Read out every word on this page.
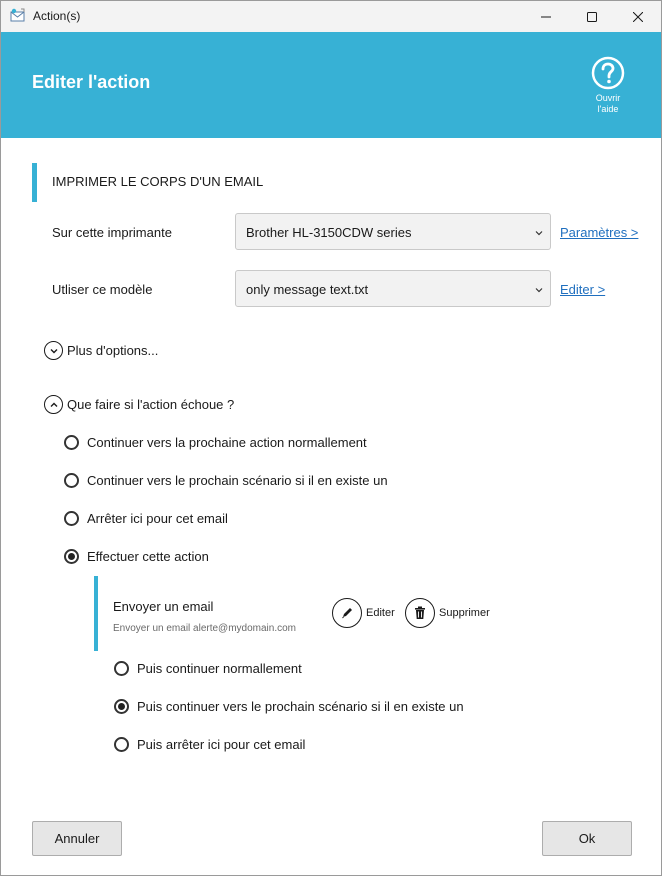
Action(s)
Editer l'action
Ouvrir
l'aide
IMPRIMER LE CORPS D'UN EMAIL
Sur cette imprimante	Brother HL-3150CDW series	Paramètres >
Utliser ce modèle	only message text.txt	Editer >
Plus d'options...
Que faire si l'action échoue ?
Continuer vers la prochaine action normallement
Continuer vers le prochain scénario si il en existe un
Arrêter ici pour cet email
Effectuer cette action
Envoyer un email
Envoyer un email alerte@mydomain.com
Editer	Supprimer
Puis continuer normallement
Puis continuer vers le prochain scénario si il en existe un
Puis arrêter ici pour cet email
Annuler	Ok
